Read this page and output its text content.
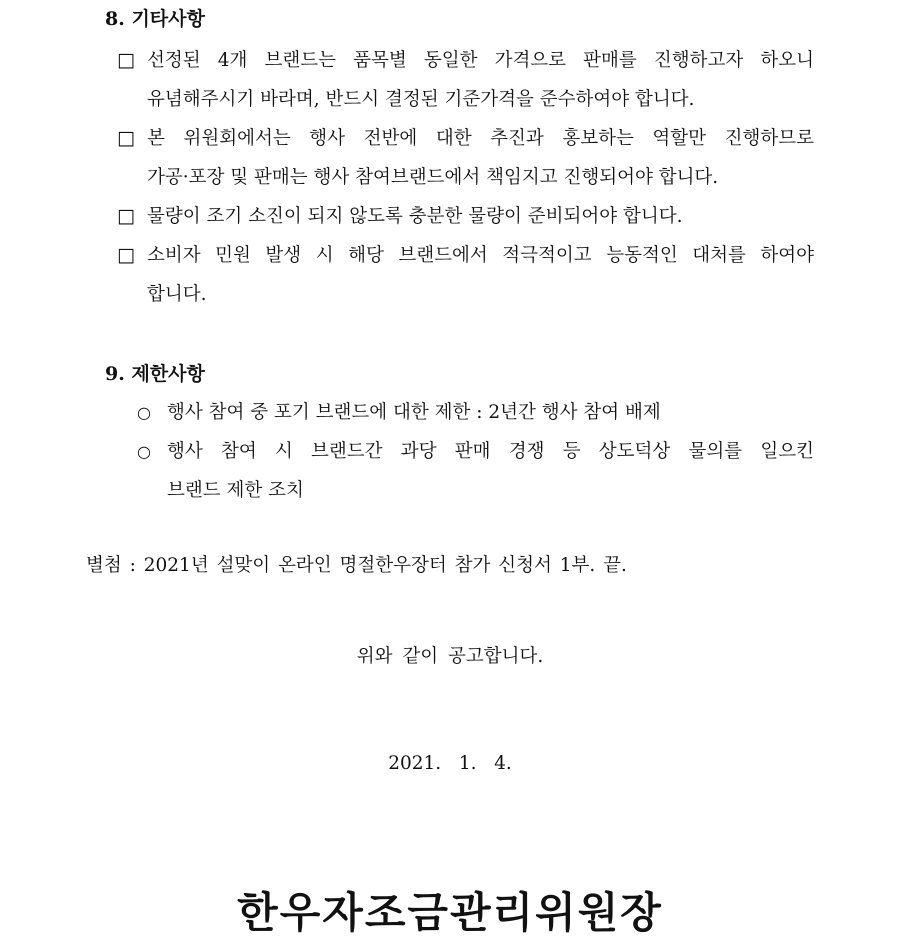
8. 기타사항
□ 선정된 4개 브랜드는 품목별 동일한 가격으로 판매를 진행하고자 하오니
유념해주시기 바라며, 반드시 결정된 기준가격을 준수하여야 합니다.
□ 본 위원회에서는 행사 전반에 대한 추진과 홍보하는 역할만 진행하므로
가공·포장 및 판매는 행사 참여브랜드에서 책임지고 진행되어야 합니다.
□ 물량이 조기 소진이 되지 않도록 충분한 물량이 준비되어야 합니다.
□ 소비자 민원 발생 시 해당 브랜드에서 적극적이고 능동적인 대처를 하여야
합니다.
9. 제한사항
○ 행사 참여 중 포기 브랜드에 대한 제한 : 2년간 행사 참여 배제
○ 행사 참여 시 브랜드간 과당 판매 경쟁 등 상도덕상 물의를 일으킨
브랜드 제한 조치
별첨 : 2021년 설맞이 온라인 명절한우장터 참가 신청서 1부. 끝.
위와 같이 공고합니다.
2021.   1.   4.
한우자조금관리위원장
